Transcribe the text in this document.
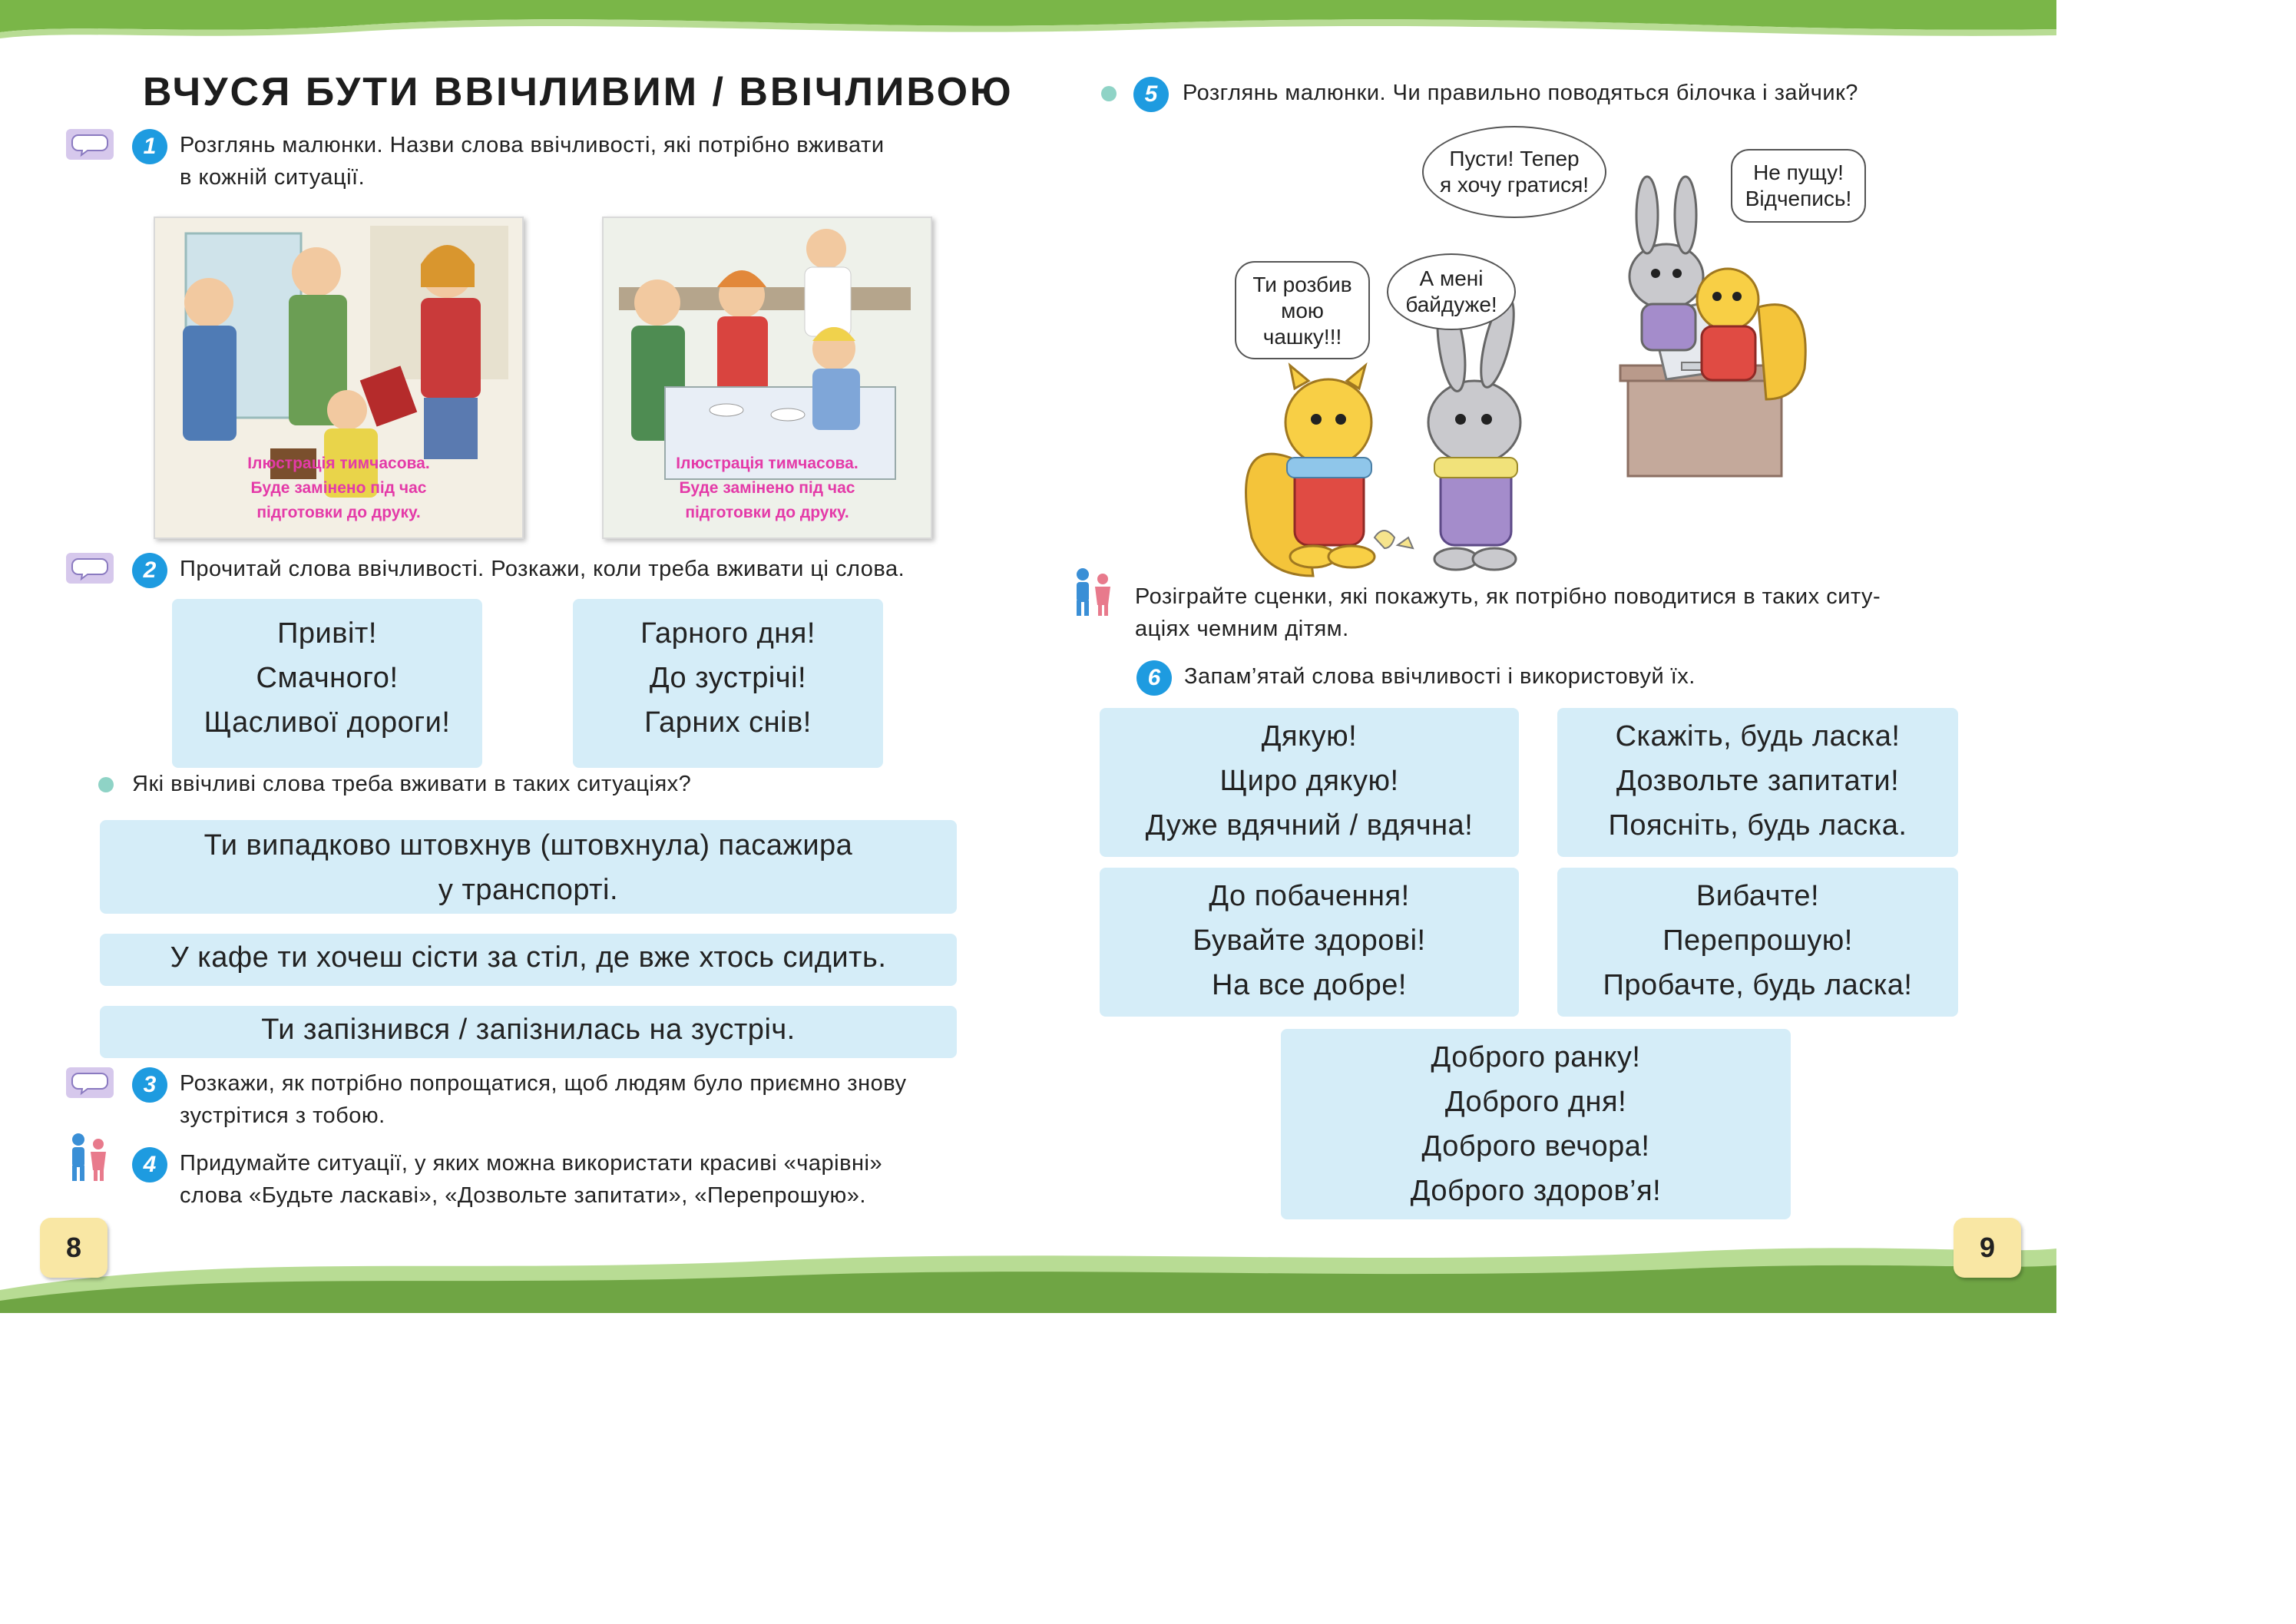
ВЧУСЯ БУТИ ВВІЧЛИВИМ / ВВІЧЛИВОЮ
1	Розглянь малюнки. Назви слова ввічливості, які потрібно вживати
в кожній ситуації.
Ілюстрація тимчасова.
Буде замінено під час
підготовки до друку.
Ілюстрація тимчасова.
Буде замінено під час
підготовки до друку.
2	Прочитай слова ввічливості. Розкажи, коли треба вживати ці слова.
Привіт!
Смачного!
Щасливої дороги!
Гарного дня!
До зустрічі!
Гарних снів!
Які ввічливі слова треба вживати в таких ситуаціях?
Ти випадково штовхнув (штовхнула) пасажира
у транспорті.
У кафе ти хочеш сісти за стіл, де вже хтось сидить.
Ти запізнився / запізнилась на зустріч.
3	Розкажи, як потрібно попрощатися, щоб людям було приємно знову
зустрітися з тобою.
4	Придумайте ситуації, у яких можна використати красиві «чарівні»
слова «Будьте ласкаві», «Дозвольте запитати», «Перепрошую».
8
5	Розглянь малюнки. Чи правильно поводяться білочка і зайчик?
Ти розбив
мою
чашку!!!
А мені
байдуже!
Пусти! Тепер
я хочу гратися!
Не пущу!
Відчепись!
Розіграйте сценки, які покажуть, як потрібно поводитися в таких ситу-
аціях чемним дітям.
6	Запам’ятай слова ввічливості і використовуй їх.
Дякую!
Щиро дякую!
Дуже вдячний / вдячна!
Скажіть, будь ласка!
Дозвольте запитати!
Поясніть, будь ласка.
До побачення!
Бувайте здорові!
На все добре!
Вибачте!
Перепрошую!
Пробачте, будь ласка!
Доброго ранку!
Доброго дня!
Доброго вечора!
Доброго здоров’я!
9
